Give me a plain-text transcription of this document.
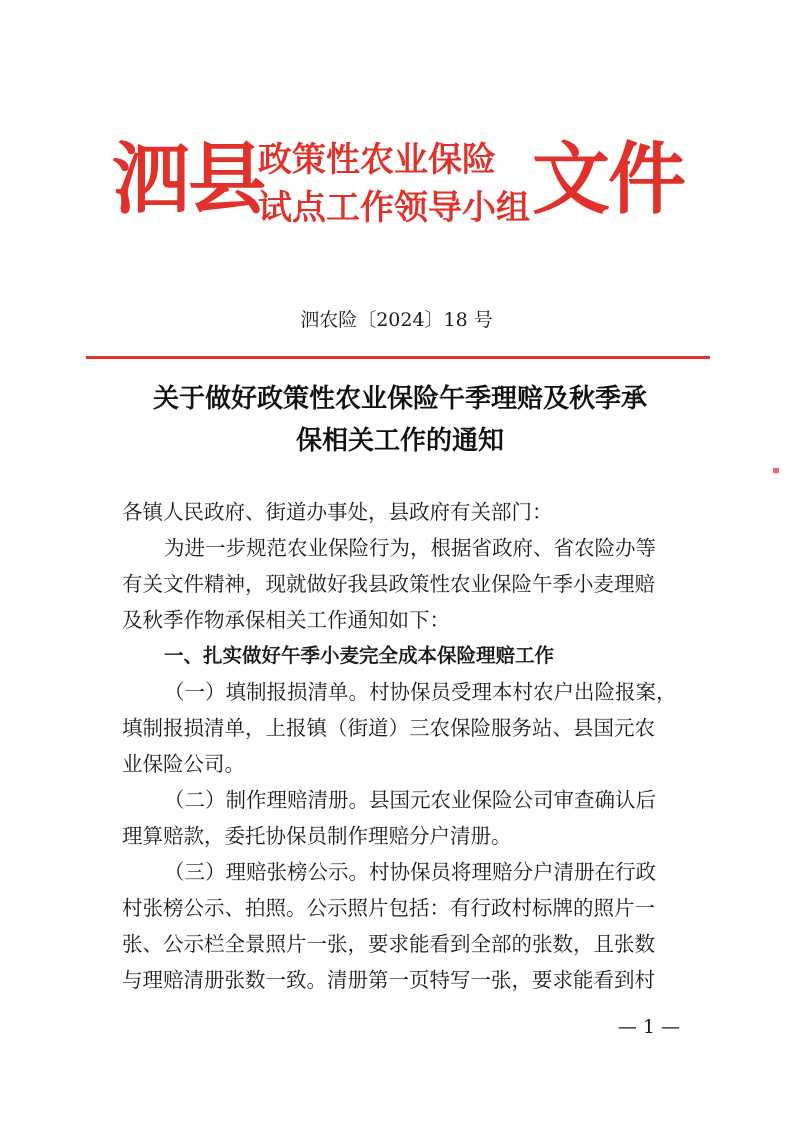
泗县
政策性农业保险
试点工作领导小组 文件
泗农险〔2024〕18 号
关于做好政策性农业保险午季理赔及秋季承
保相关工作的通知
各镇人民政府、街道办事处，县政府有关部门：
为进一步规范农业保险行为，根据省政府、省农险办等
有关文件精神，现就做好我县政策性农业保险午季小麦理赔
及秋季作物承保相关工作通知如下：
一、扎实做好午季小麦完全成本保险理赔工作
（一）填制报损清单。村协保员受理本村农户出险报案，
填制报损清单，上报镇（街道）三农保险服务站、县国元农
业保险公司。
（二）制作理赔清册。县国元农业保险公司审查确认后
理算赔款，委托协保员制作理赔分户清册。
（三）理赔张榜公示。村协保员将理赔分户清册在行政
村张榜公示、拍照。公示照片包括：有行政村标牌的照片一
张、公示栏全景照片一张，要求能看到全部的张数，且张数
与理赔清册张数一致。清册第一页特写一张，要求能看到村
— 1 —
